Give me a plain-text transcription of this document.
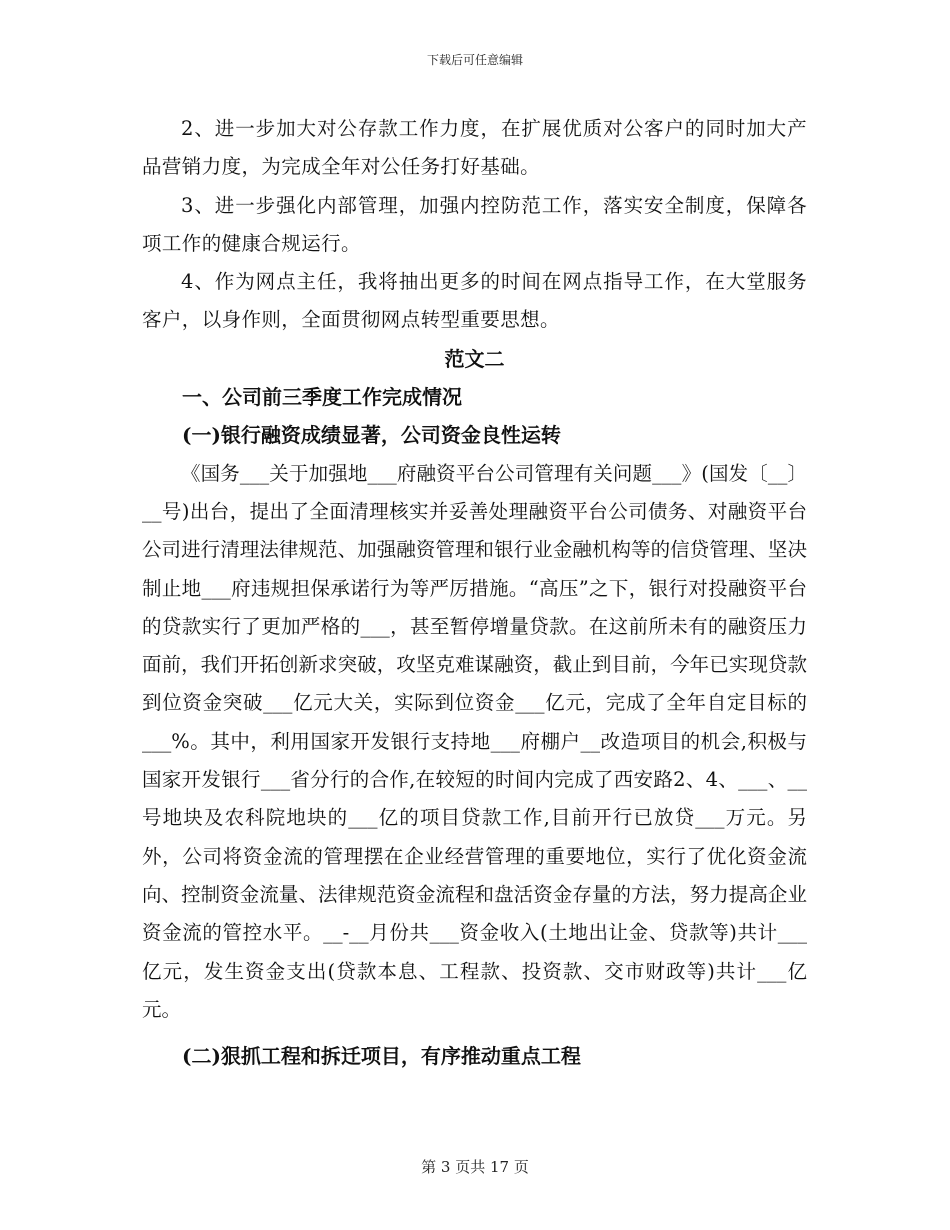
下载后可任意编辑

2、进一步加大对公存款工作力度，在扩展优质对公客户的同时加大产品营销力度，为完成全年对公任务打好基础。

3、进一步强化内部管理，加强内控防范工作，落实安全制度，保障各项工作的健康合规运行。

4、作为网点主任，我将抽出更多的时间在网点指导工作，在大堂服务客户，以身作则，全面贯彻网点转型重要思想。

范文二

一、公司前三季度工作完成情况

(一)银行融资成绩显著，公司资金良性运转

《国务___关于加强地___府融资平台公司管理有关问题___》(国发〔__〕__号)出台，提出了全面清理核实并妥善处理融资平台公司债务、对融资平台公司进行清理法律规范、加强融资管理和银行业金融机构等的信贷管理、坚决制止地___府违规担保承诺行为等严厉措施。“高压”之下，银行对投融资平台的贷款实行了更加严格的___，甚至暂停增量贷款。在这前所未有的融资压力面前，我们开拓创新求突破，攻坚克难谋融资，截止到目前，今年已实现贷款到位资金突破___亿元大关，实际到位资金___亿元，完成了全年自定目标的___%。其中，利用国家开发银行支持地___府棚户__改造项目的机会,积极与国家开发银行___省分行的合作,在较短的时间内完成了西安路2、4、___、__号地块及农科院地块的___亿的项目贷款工作,目前开行已放贷___万元。另外，公司将资金流的管理摆在企业经营管理的重要地位，实行了优化资金流向、控制资金流量、法律规范资金流程和盘活资金存量的方法，努力提高企业资金流的管控水平。__-__月份共___资金收入(土地出让金、贷款等)共计___亿元，发生资金支出(贷款本息、工程款、投资款、交市财政等)共计___亿元。

(二)狠抓工程和拆迁项目，有序推动重点工程

第 3 页共 17 页
